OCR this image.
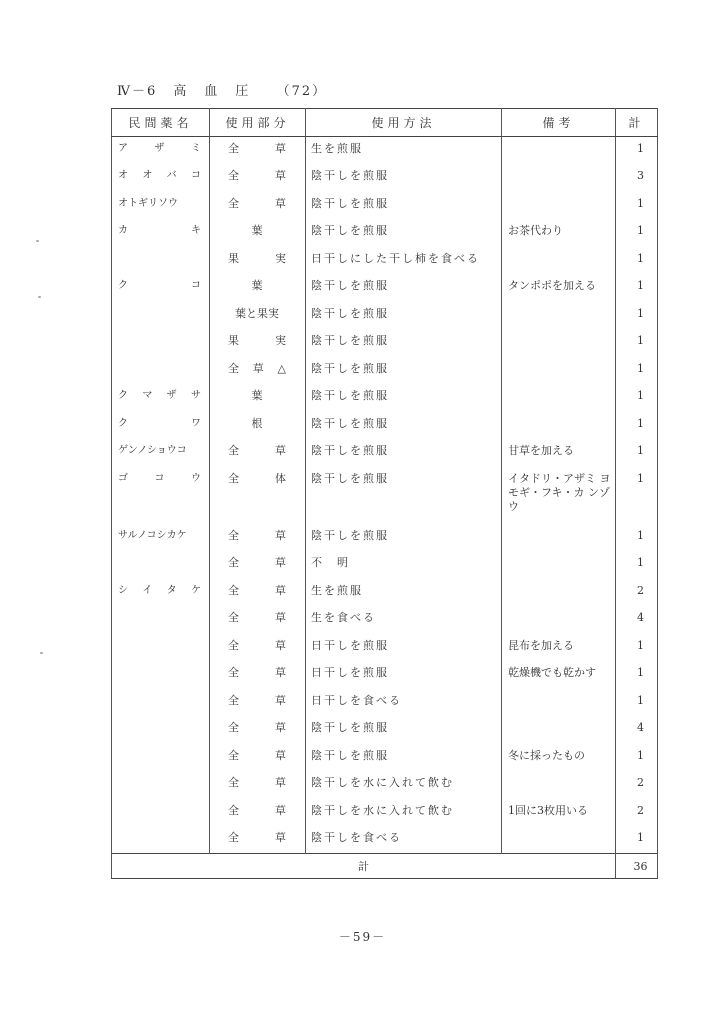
Ⅳ－6 高血圧 （72）
民間薬名	使用部分	使用方法	備考	計

ア ザ ミ	全 草	生を煎服		1

オ オ バ コ	全 草	陰干しを煎服		3
オトギリソウ	全 草	陰干しを煎服		1

カ キ	葉	陰干しを煎服	お茶代わり	1

	果 実	日干しにした干し柿を食べる		1

ク コ	葉	陰干しを煎服	タンポポを加える	1

	葉と果実	陰干しを煎服		1

	果 実	陰干しを煎服		1

	全 草 △	陰干しを煎服		1

ク マ ザ サ	葉	陰干しを煎服		1

ク ワ	根	陰干しを煎服		1
ゲンノショウコ	全 草	陰干しを煎服	甘草を加える	1

ゴ コ ウ	全 体	陰干しを煎服	イタドリ・アザミ ヨモギ・フキ・カ ンゾウ	1
サルノコシカケ	全 草	陰干しを煎服		1

	全 草	不　明		1

シ イ タ ケ	全 草	生を煎服		2

	全 草	生を食べる		4

	全 草	日干しを煎服	昆布を加える	1

	全 草	日干しを煎服	乾燥機でも乾かす	1

	全 草	日干しを食べる		1

	全 草	陰干しを煎服		4

	全 草	陰干しを煎服	冬に採ったもの	1

	全 草	陰干しを水に入れて飲む		2

	全 草	陰干しを水に入れて飲む	1回に3枚用いる	2

	全 草	陰干しを食べる		1
計				36
－59－
